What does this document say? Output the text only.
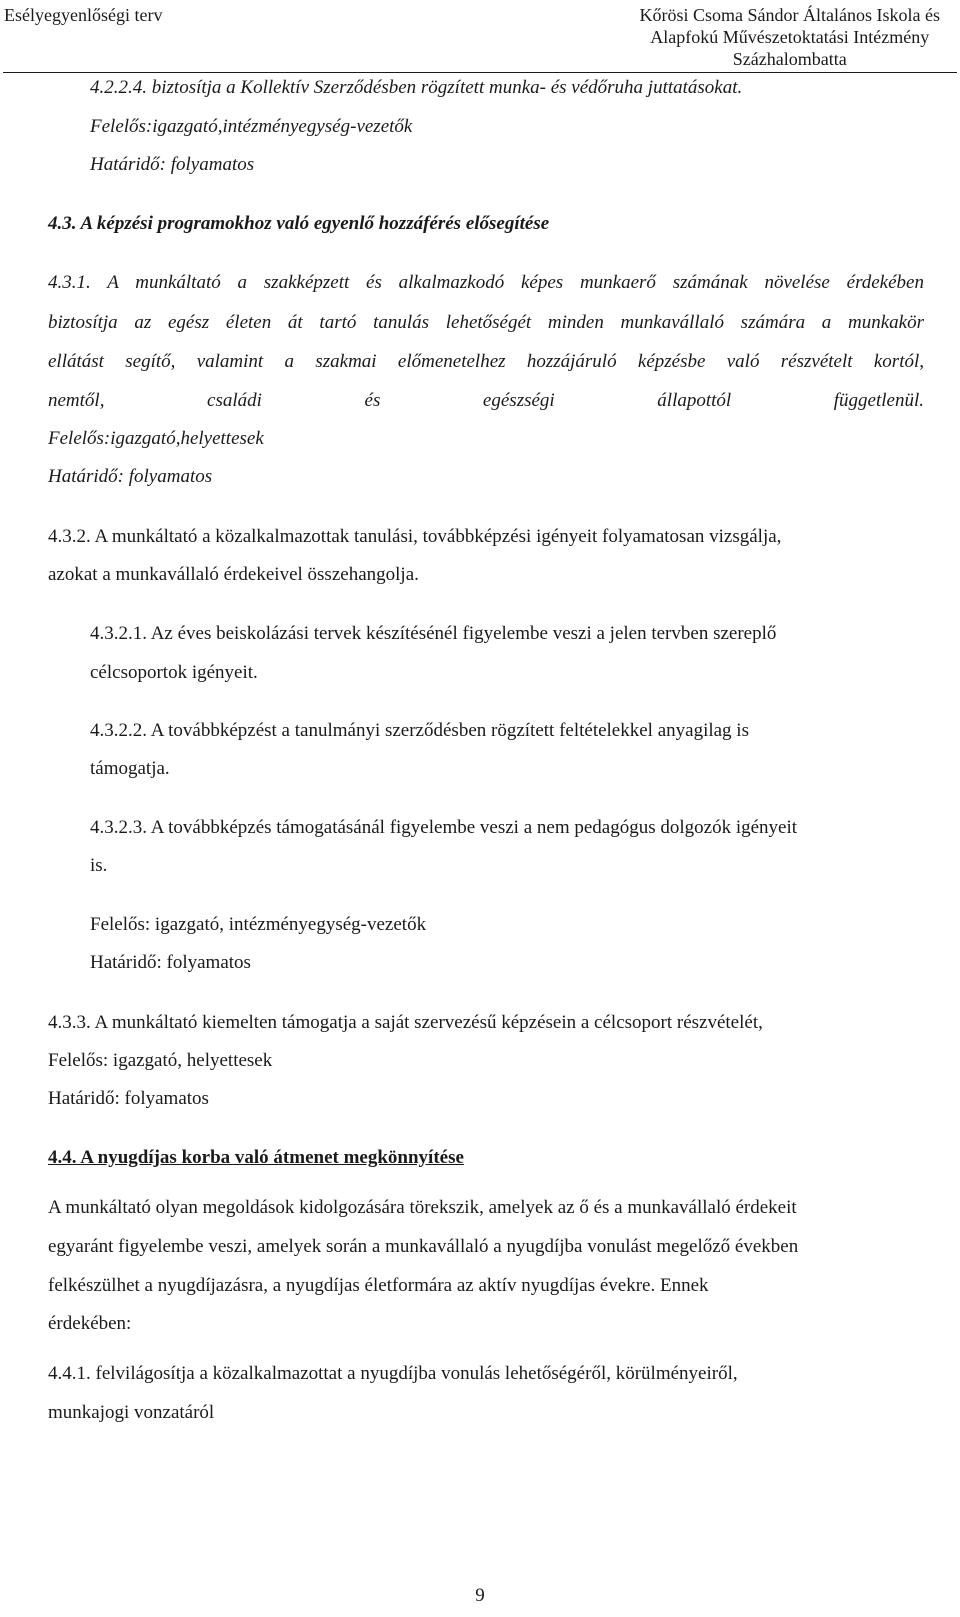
Esélyegyenlőségi terv	Kőrösi Csoma Sándor Általános Iskola és
Alapfokú Művészetoktatási Intézmény
Százhalombatta
4.2.2.4. biztosítja a Kollektív Szerződésben rögzített munka- és védőruha juttatásokat.
Felelős:igazgató,intézményegység-vezetők
Határidő: folyamatos
4.3. A képzési programokhoz való egyenlő hozzáférés elősegítése
4.3.1. A munkáltató a szakképzett és alkalmazkodó képes munkaerő számának növelése érdekében
biztosítja az egész életen át tartó tanulás lehetőségét minden munkavállaló számára a munkakör
ellátást segítő, valamint a szakmai előmenetelhez hozzájáruló képzésbe való részvételt kortól,
nemtől, családi és egészségi állapottól függetlenül.
Felelős:igazgató,helyettesek
Határidő: folyamatos
4.3.2. A munkáltató a közalkalmazottak tanulási, továbbképzési igényeit folyamatosan vizsgálja,
azokat a munkavállaló érdekeivel összehangolja.
4.3.2.1. Az éves beiskolázási tervek készítésénél figyelembe veszi a jelen tervben szereplő
célcsoportok igényeit.
4.3.2.2. A továbbképzést a tanulmányi szerződésben rögzített feltételekkel anyagilag is
támogatja.
4.3.2.3. A továbbképzés támogatásánál figyelembe veszi a nem pedagógus dolgozók igényeit
is.
Felelős: igazgató, intézményegység-vezetők
Határidő: folyamatos
4.3.3. A munkáltató kiemelten támogatja a saját szervezésű képzésein a célcsoport részvételét,
Felelős: igazgató, helyettesek
Határidő: folyamatos
4.4. A nyugdíjas korba való átmenet megkönnyítése
A munkáltató olyan megoldások kidolgozására törekszik, amelyek az ő és a munkavállaló érdekeit
egyaránt figyelembe veszi, amelyek során a munkavállaló a nyugdíjba vonulást megelőző években
felkészülhet a nyugdíjazásra, a nyugdíjas életformára az aktív nyugdíjas évekre. Ennek
érdekében:
4.4.1. felvilágosítja a közalkalmazottat a nyugdíjba vonulás lehetőségéről, körülményeiről,
munkajogi vonzatáról
9
